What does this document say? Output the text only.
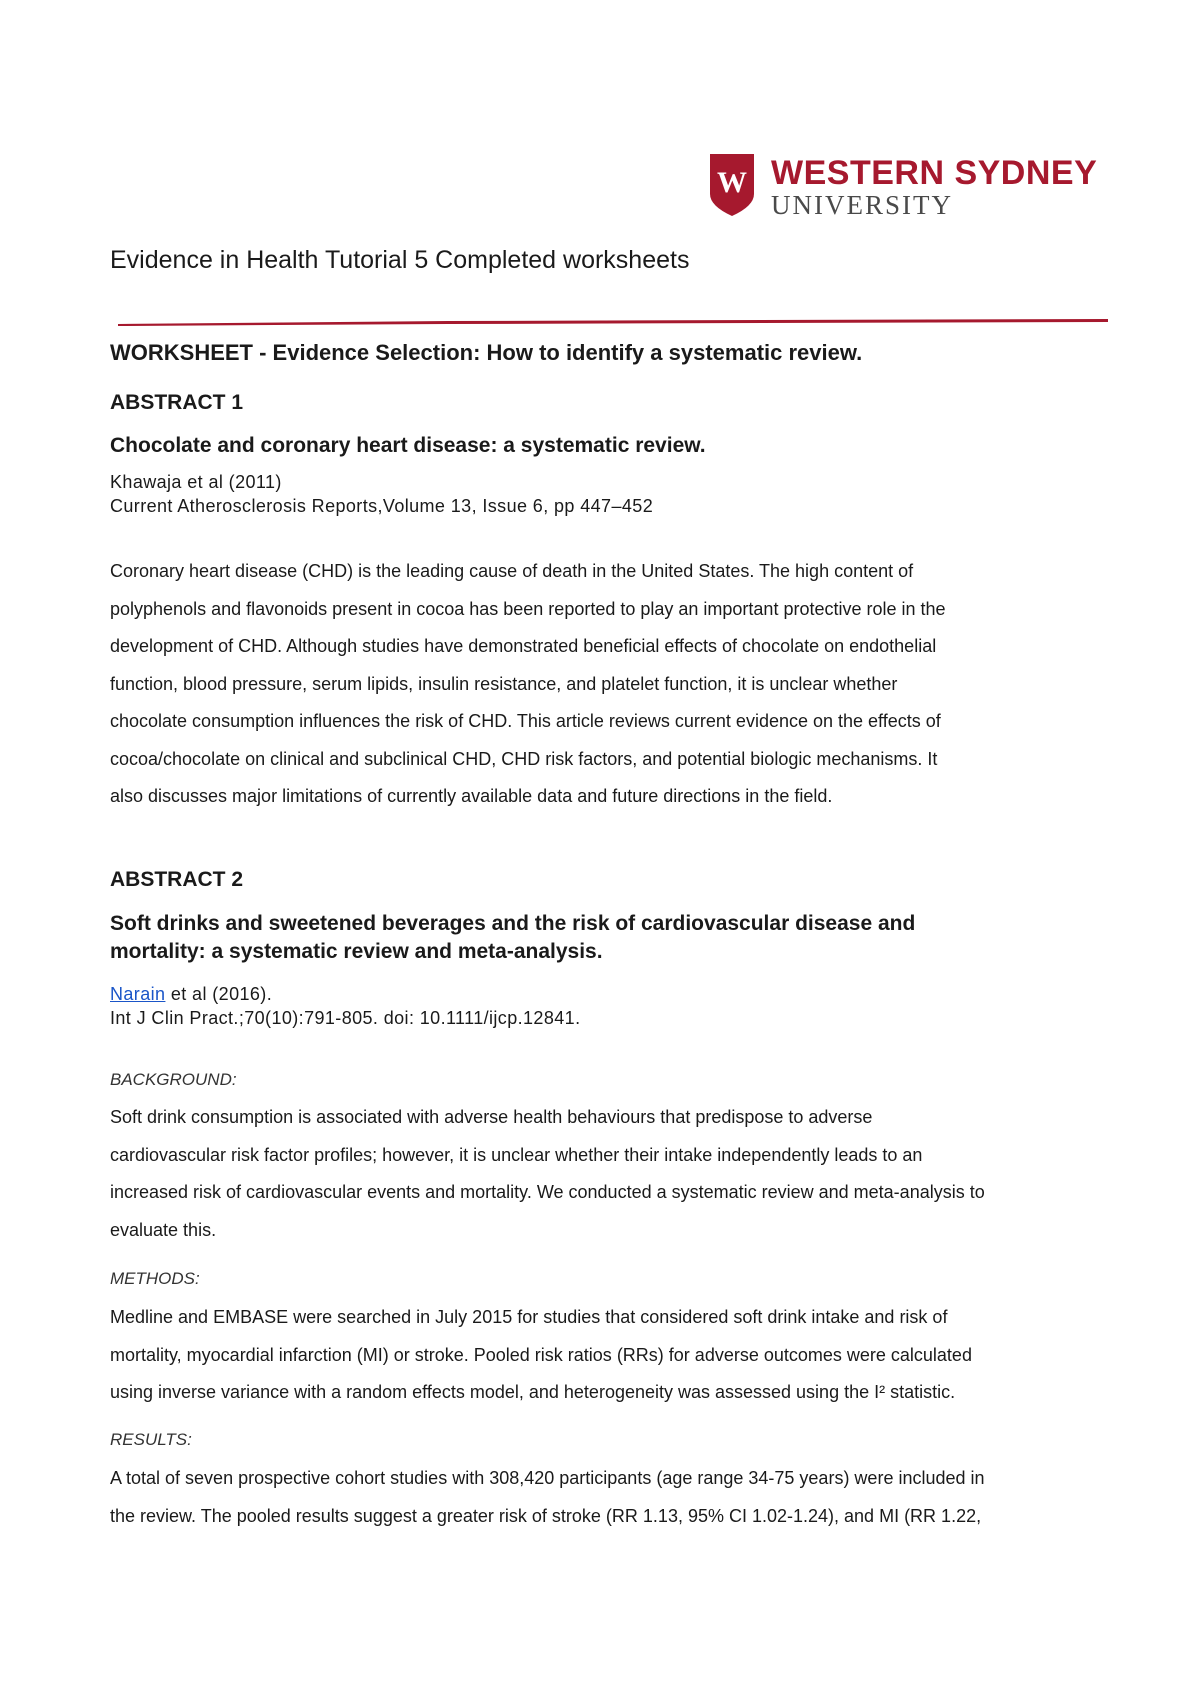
W WESTERN SYDNEY
UNIVERSITY
Evidence in Health Tutorial 5 Completed worksheets
WORKSHEET - Evidence Selection: How to identify a systematic review.
ABSTRACT 1
Chocolate and coronary heart disease: a systematic review.
Khawaja et al (2011)
Current Atherosclerosis Reports,Volume 13, Issue 6, pp 447–452
Coronary heart disease (CHD) is the leading cause of death in the United States. The high content of
polyphenols and flavonoids present in cocoa has been reported to play an important protective role in the
development of CHD. Although studies have demonstrated beneficial effects of chocolate on endothelial
function, blood pressure, serum lipids, insulin resistance, and platelet function, it is unclear whether
chocolate consumption influences the risk of CHD. This article reviews current evidence on the effects of
cocoa/chocolate on clinical and subclinical CHD, CHD risk factors, and potential biologic mechanisms. It
also discusses major limitations of currently available data and future directions in the field.
ABSTRACT 2
Soft drinks and sweetened beverages and the risk of cardiovascular disease and
mortality: a systematic review and meta-analysis.
Narain et al (2016).
Int J Clin Pract.;70(10):791-805. doi: 10.1111/ijcp.12841.
BACKGROUND:
Soft drink consumption is associated with adverse health behaviours that predispose to adverse
cardiovascular risk factor profiles; however, it is unclear whether their intake independently leads to an
increased risk of cardiovascular events and mortality. We conducted a systematic review and meta-analysis to
evaluate this.
METHODS:
Medline and EMBASE were searched in July 2015 for studies that considered soft drink intake and risk of
mortality, myocardial infarction (MI) or stroke. Pooled risk ratios (RRs) for adverse outcomes were calculated
using inverse variance with a random effects model, and heterogeneity was assessed using the I² statistic.
RESULTS:
A total of seven prospective cohort studies with 308,420 participants (age range 34-75 years) were included in
the review. The pooled results suggest a greater risk of stroke (RR 1.13, 95% CI 1.02-1.24), and MI (RR 1.22,
